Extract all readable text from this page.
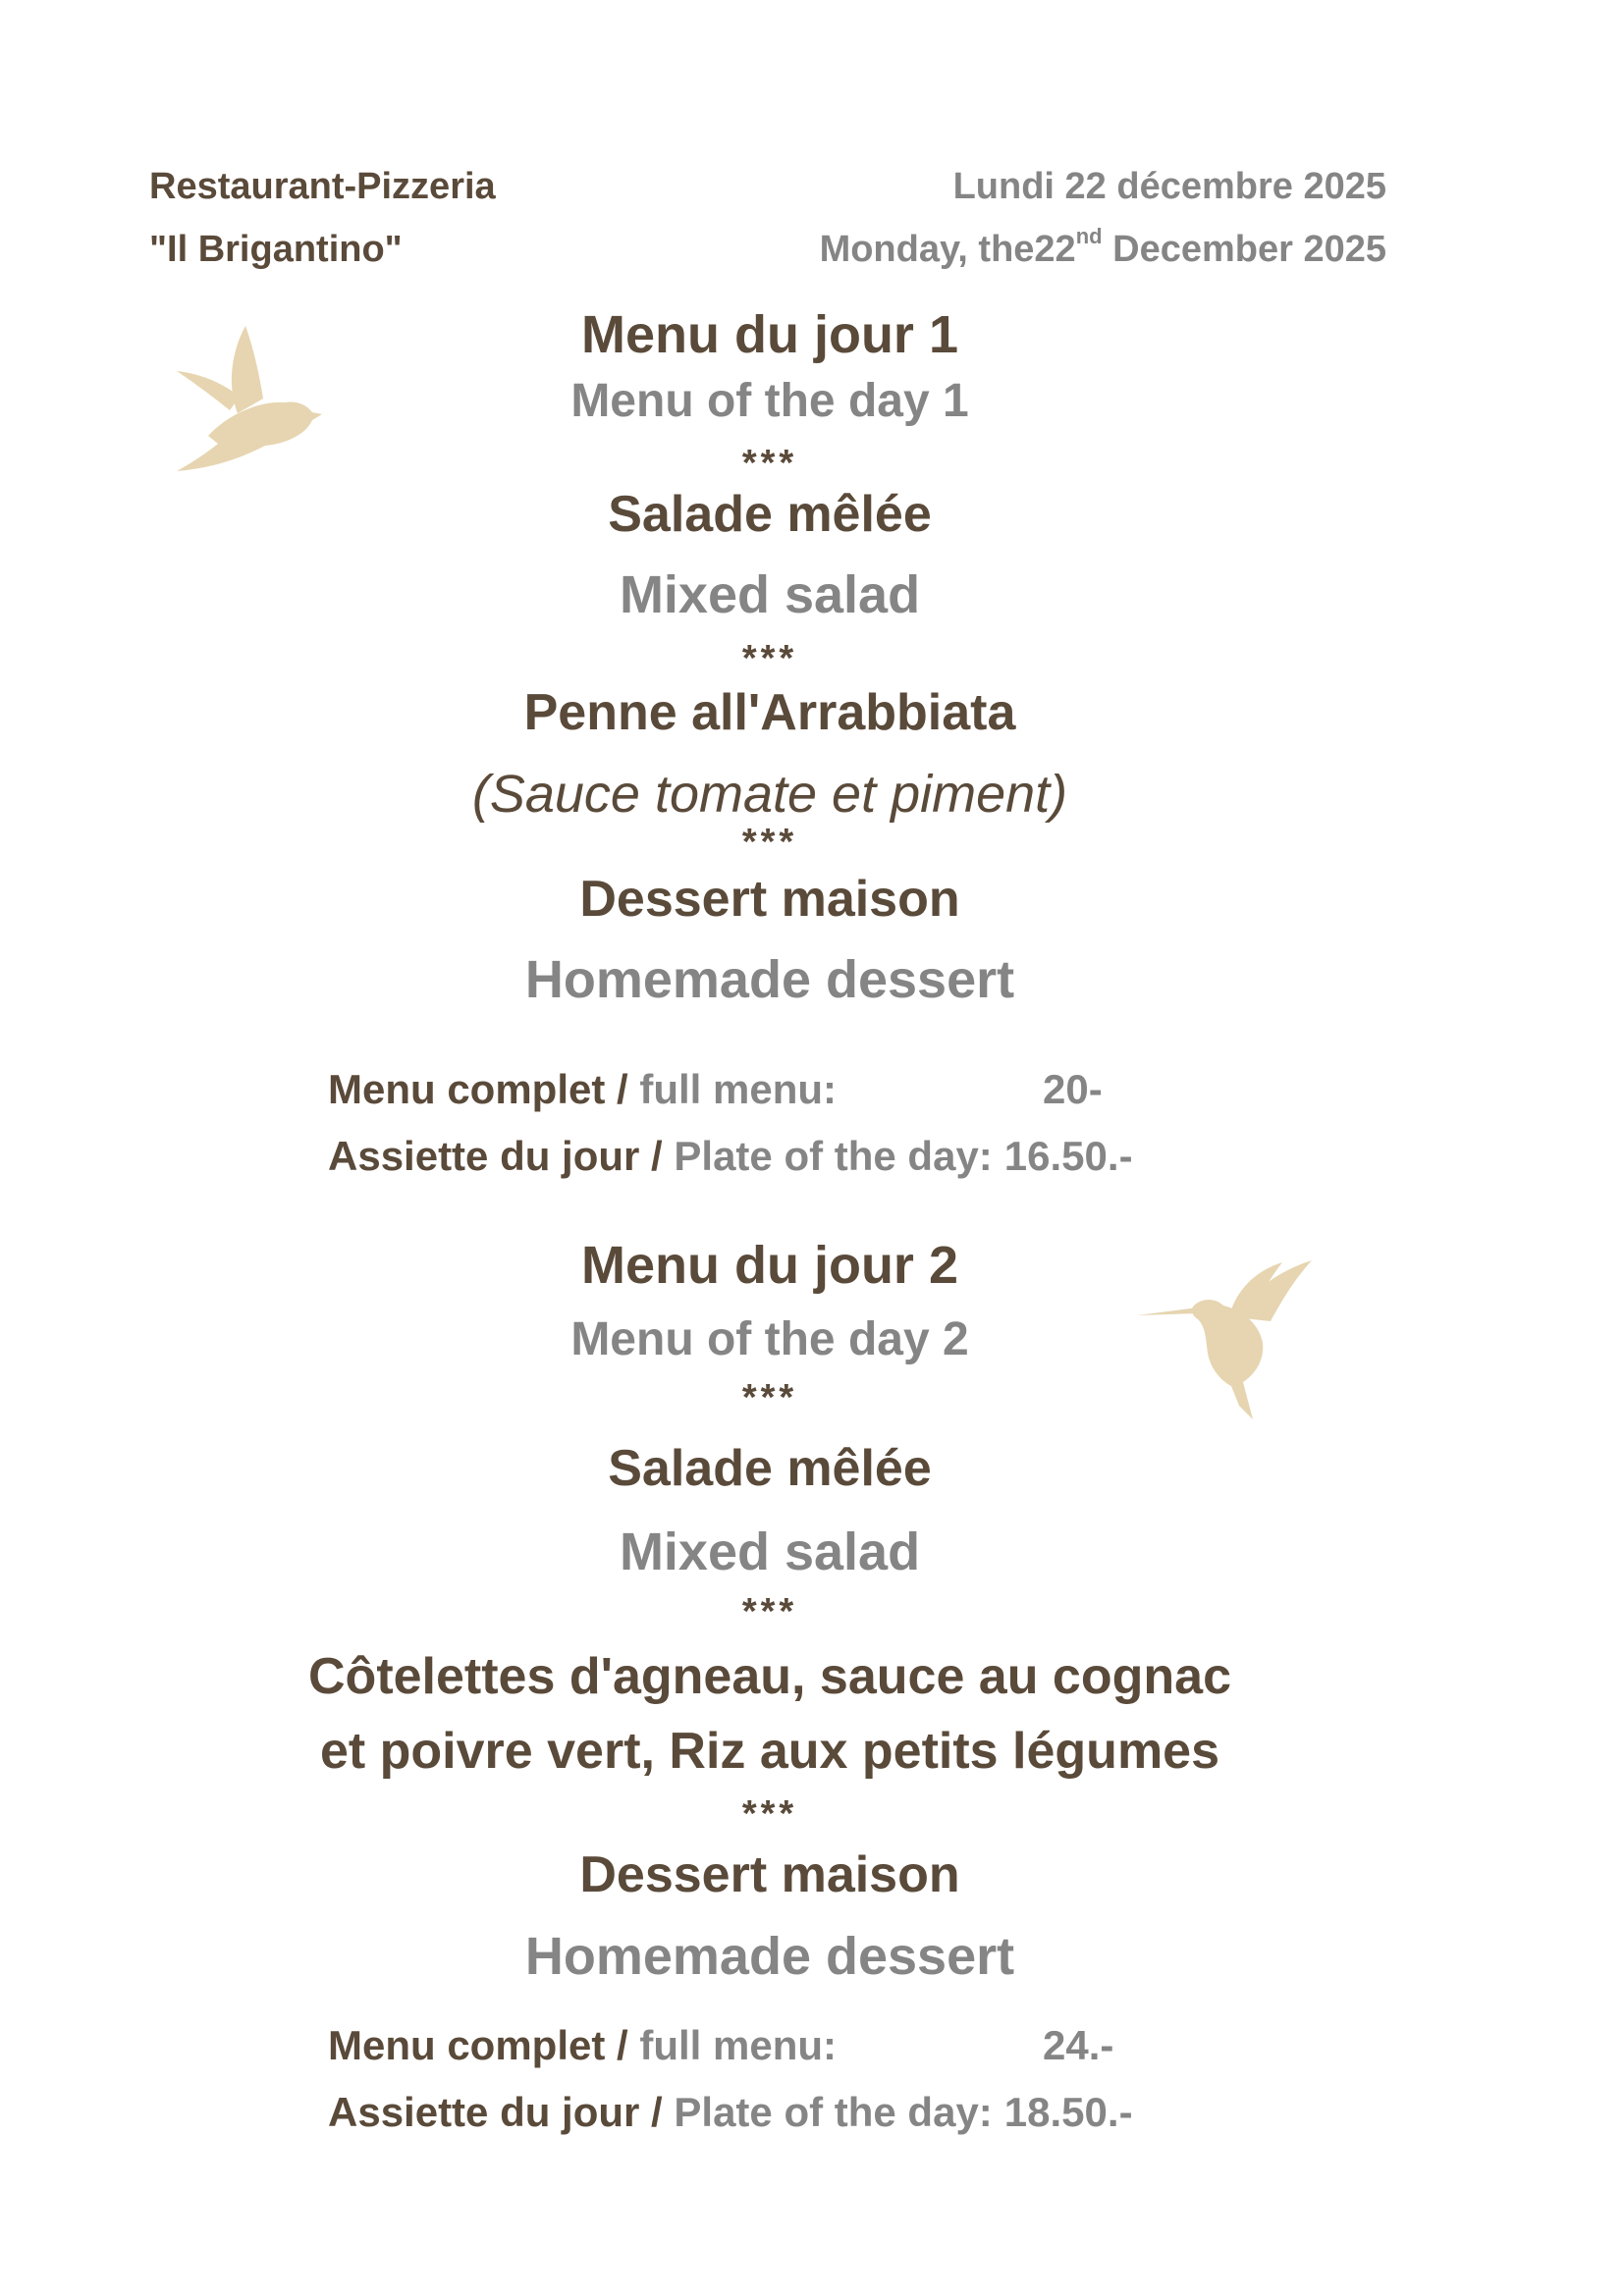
Restaurant-Pizzeria
"Il Brigantino"
Lundi 22 décembre 2025
Monday, the22nd December 2025
Menu du jour 1
Menu of the day 1
***
Salade mêlée
Mixed salad
***
Penne all'Arrabbiata
(Sauce tomate et piment)
***
Dessert maison
Homemade dessert
Menu complet / full menu:	20-
Assiette du jour / Plate of the day: 16.50.-
Menu du jour 2
Menu of the day 2
***
Salade mêlée
Mixed salad
***
Côtelettes d'agneau, sauce au cognac
et poivre vert, Riz aux petits légumes
***
Dessert maison
Homemade dessert
Menu complet / full menu:	24.-
Assiette du jour / Plate of the day: 18.50.-
